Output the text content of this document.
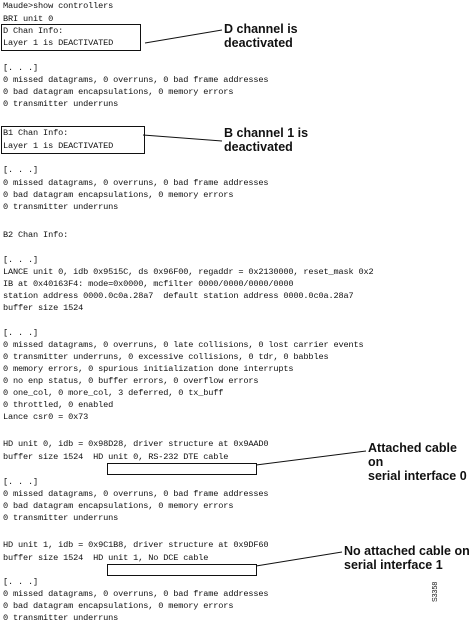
Maude>show controllers
BRI unit 0
D Chan Info:
Layer 1 is DEACTIVATED
[. . .]
0 missed datagrams, 0 overruns, 0 bad frame addresses
0 bad datagram encapsulations, 0 memory errors
0 transmitter underruns
B1 Chan Info:
Layer 1 is DEACTIVATED
[. . .]
0 missed datagrams, 0 overruns, 0 bad frame addresses
0 bad datagram encapsulations, 0 memory errors
0 transmitter underruns
B2 Chan Info:
[. . .]
LANCE unit 0, idb 0x9515C, ds 0x96F00, regaddr = 0x2130000, reset_mask 0x2
IB at 0x40163F4: mode=0x0000, mcfilter 0000/0000/0000/0000
station address 0000.0c0a.28a7  default station address 0000.0c0a.28a7
buffer size 1524
[. . .]
0 missed datagrams, 0 overruns, 0 late collisions, 0 lost carrier events
0 transmitter underruns, 0 excessive collisions, 0 tdr, 0 babbles
0 memory errors, 0 spurious initialization done interrupts
0 no enp status, 0 buffer errors, 0 overflow errors
0 one_col, 0 more_col, 3 deferred, 0 tx_buff
0 throttled, 0 enabled
Lance csr0 = 0x73
HD unit 0, idb = 0x98D28, driver structure at 0x9AAD0
buffer size 1524  HD unit 0, RS-232 DTE cable
[. . .]
0 missed datagrams, 0 overruns, 0 bad frame addresses
0 bad datagram encapsulations, 0 memory errors
0 transmitter underruns
HD unit 1, idb = 0x9C1B8, driver structure at 0x9DF60
buffer size 1524  HD unit 1, No DCE cable
[. . .]
0 missed datagrams, 0 overruns, 0 bad frame addresses
0 bad datagram encapsulations, 0 memory errors
0 transmitter underruns
D channel is
deactivated
B channel 1 is
deactivated
Attached cable on
serial interface 0
No attached cable on
serial interface 1
S3358
